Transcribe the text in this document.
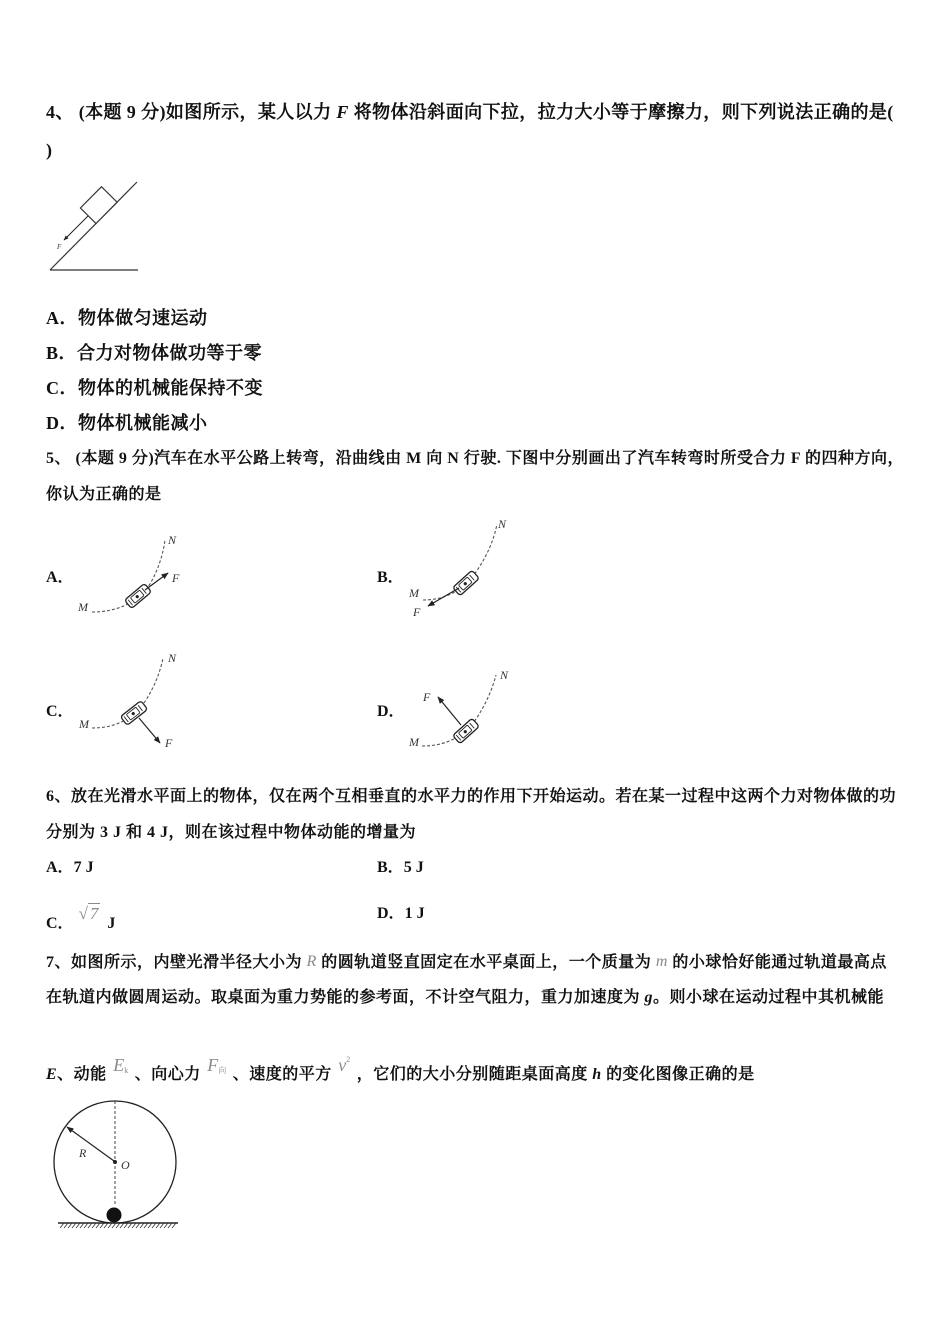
4、 (本题 9 分)如图所示，某人以力 F 将物体沿斜面向下拉，拉力大小等于摩擦力，则下列说法正确的是(
)
F
A．物体做匀速运动
B．合力对物体做功等于零
C．物体的机械能保持不变
D．物体机械能减小
5、 (本题 9 分)汽车在水平公路上转弯，沿曲线由 M 向 N 行驶. 下图中分别画出了汽车转弯时所受合力 F 的四种方向，
你认为正确的是
A．
M
N
F	B．
M
N
F
C．
M
N
F
D．
M
N
F
6、放在光滑水平面上的物体，仅在两个互相垂直的水平力的作用下开始运动。若在某一过程中这两个力对物体做的功
分别为 3 J 和 4 J，则在该过程中物体动能的增量为
A．7 J	B．5 J
C．√ 7 J
D．1 J
7、如图所示，内壁光滑半径大小为 R 的圆轨道竖直固定在水平桌面上，一个质量为 m 的小球恰好能通过轨道最高点
在轨道内做圆周运动。取桌面为重力势能的参考面，不计空气阻力，重力加速度为 g。则小球在运动过程中其机械能
E、动能 Ek 、向心力 F向 、速度的平方 $v^2$ ，它们的大小分别随距桌面高度 h 的变化图像正确的是
R
O
